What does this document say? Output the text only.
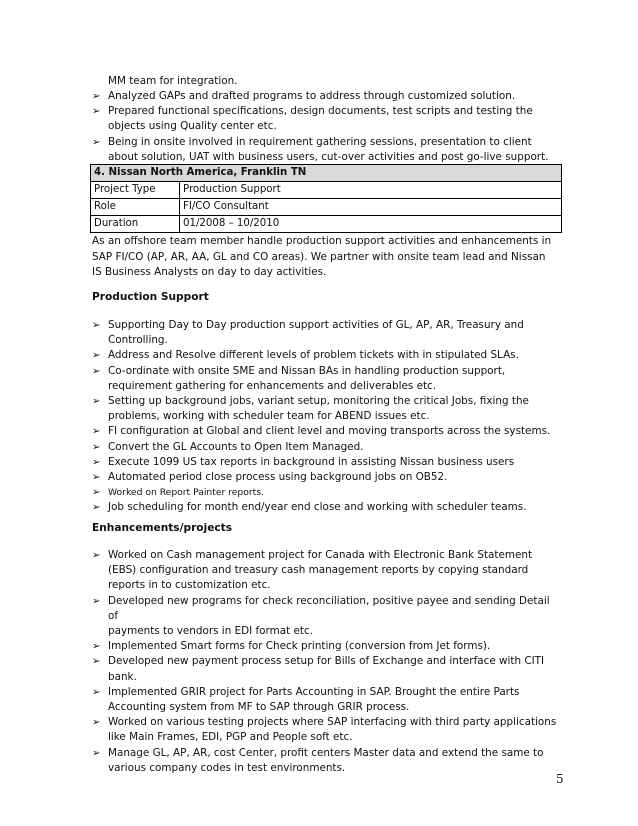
MM team for integration.
➢ Analyzed GAPs and drafted programs to address through customized solution.
➢ Prepared functional specifications, design documents, test scripts and testing the
objects using Quality center etc.
➢ Being in onsite involved in requirement gathering sessions, presentation to client
about solution, UAT with business users, cut-over activities and post go-live support.
4. Nissan North America, Franklin TN	
Project Type	Production Support
Role	FI/CO Consultant
Duration	01/2008 – 10/2010

As an offshore team member handle production support activities and enhancements in
SAP FI/CO (AP, AR, AA, GL and CO areas). We partner with onsite team lead and Nissan
IS Business Analysts on day to day activities.

Production Support
➢ Supporting Day to Day production support activities of GL, AP, AR, Treasury and
Controlling.
➢ Address and Resolve different levels of problem tickets with in stipulated SLAs.
➢ Co-ordinate with onsite SME and Nissan BAs in handling production support,
requirement gathering for enhancements and deliverables etc.
➢ Setting up background jobs, variant setup, monitoring the critical Jobs, fixing the
problems, working with scheduler team for ABEND issues etc.
➢ FI configuration at Global and client level and moving transports across the systems.
➢ Convert the GL Accounts to Open Item Managed.
➢ Execute 1099 US tax reports in background in assisting Nissan business users
➢ Automated period close process using background jobs on OB52.
➢ Worked on Report Painter reports.
➢ Job scheduling for month end/year end close and working with scheduler teams.
Enhancements/projects
➢ Worked on Cash management project for Canada with Electronic Bank Statement
(EBS) configuration and treasury cash management reports by copying standard
reports in to customization etc.
➢ Developed new programs for check reconciliation, positive payee and sending Detail of
payments to vendors in EDI format etc.
➢ Implemented Smart forms for Check printing (conversion from Jet forms).
➢ Developed new payment process setup for Bills of Exchange and interface with CITI
bank.
➢ Implemented GRIR project for Parts Accounting in SAP. Brought the entire Parts
Accounting system from MF to SAP through GRIR process.
➢ Worked on various testing projects where SAP interfacing with third party applications
like Main Frames, EDI, PGP and People soft etc.
➢ Manage GL, AP, AR, cost Center, profit centers Master data and extend the same to
various company codes in test environments.
5
